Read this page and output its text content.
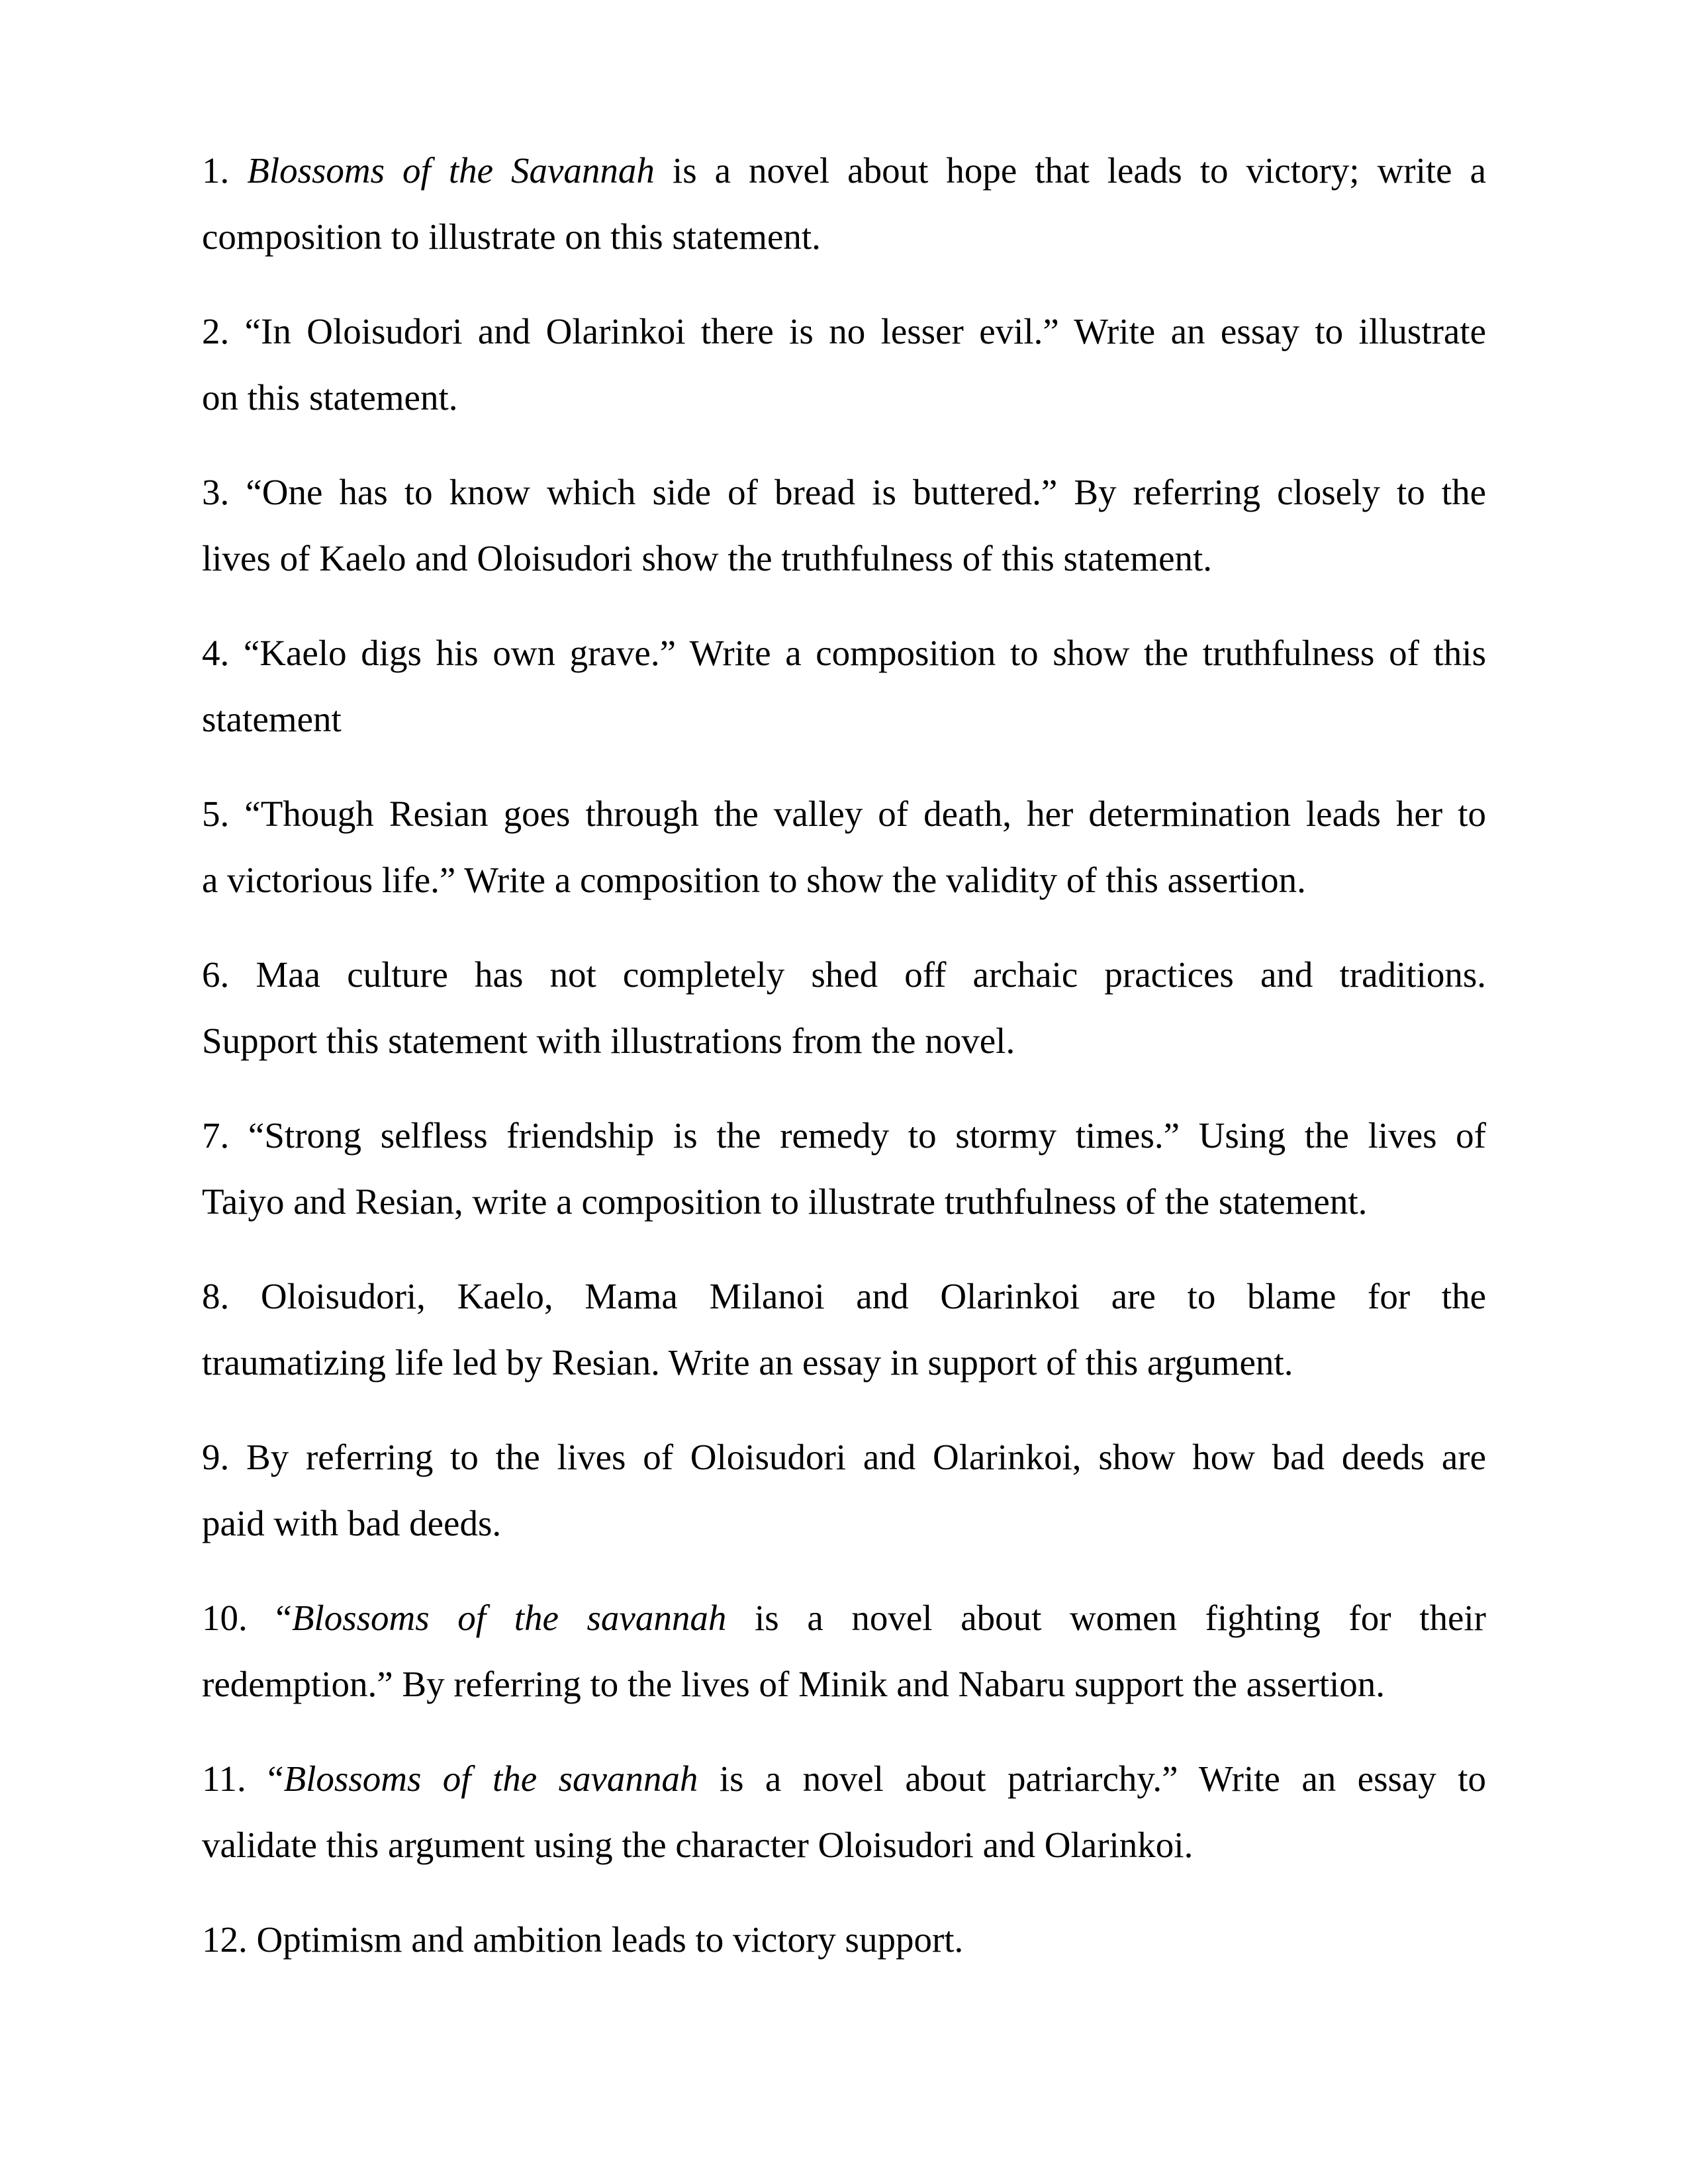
1. Blossoms of the Savannah is a novel about hope that leads to victory; write a
composition to illustrate on this statement.

2. “In Oloisudori and Olarinkoi there is no lesser evil.” Write an essay to illustrate
on this statement.

3. “One has to know which side of bread is buttered.” By referring closely to the
lives of Kaelo and Oloisudori show the truthfulness of this statement.

4. “Kaelo digs his own grave.” Write a composition to show the truthfulness of this
statement

5. “Though Resian goes through the valley of death, her determination leads her to
a victorious life.” Write a composition to show the validity of this assertion.

6. Maa culture has not completely shed off archaic practices and traditions.
Support this statement with illustrations from the novel.

7. “Strong selfless friendship is the remedy to stormy times.” Using the lives of
Taiyo and Resian, write a composition to illustrate truthfulness of the statement.

8. Oloisudori, Kaelo, Mama Milanoi and Olarinkoi are to blame for the
traumatizing life led by Resian. Write an essay in support of this argument.

9. By referring to the lives of Oloisudori and Olarinkoi, show how bad deeds are
paid with bad deeds.

10. “Blossoms of the savannah is a novel about women fighting for their
redemption.” By referring to the lives of Minik and Nabaru support the assertion.

11. “Blossoms of the savannah is a novel about patriarchy.” Write an essay to
validate this argument using the character Oloisudori and Olarinkoi.

12. Optimism and ambition leads to victory support.
